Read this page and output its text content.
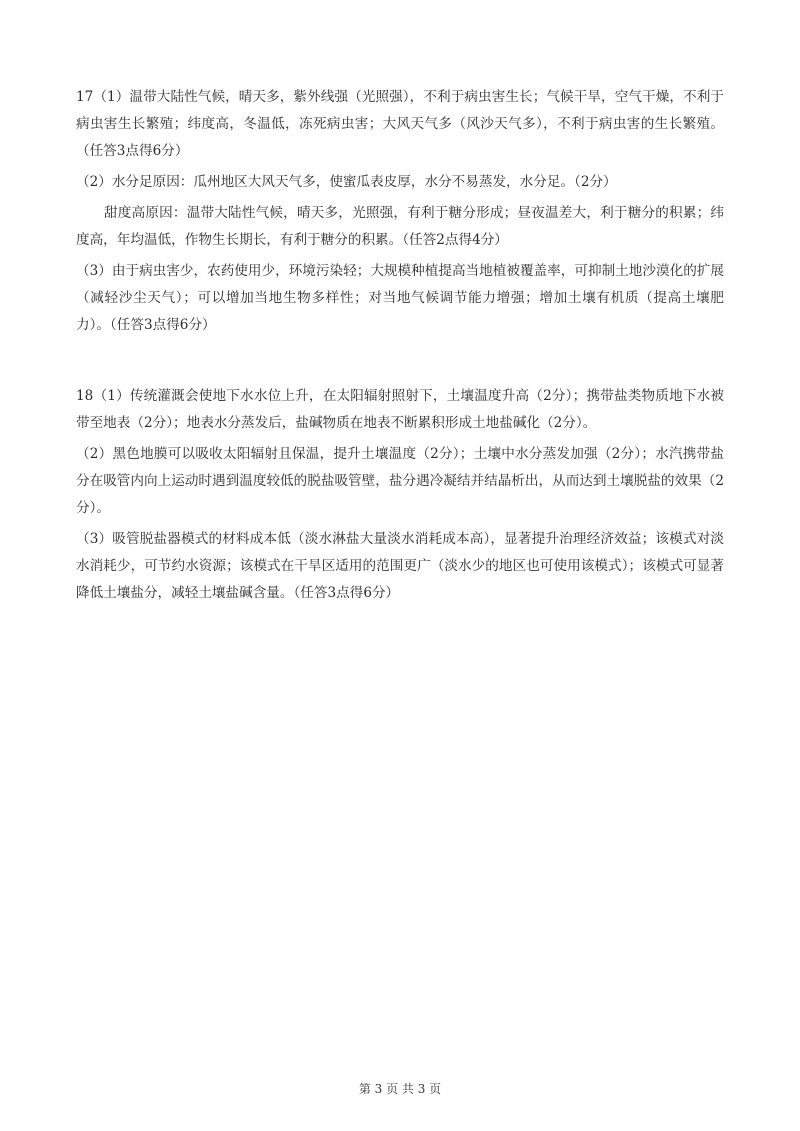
17（1）温带大陆性气候，晴天多，紫外线强（光照强），不利于病虫害生长；气候干旱，空气干燥，不利于病虫害生长繁殖；纬度高，冬温低，冻死病虫害；大风天气多（风沙天气多），不利于病虫害的生长繁殖。（任答3点得6分）

（2）水分足原因：瓜州地区大风天气多，使蜜瓜表皮厚，水分不易蒸发，水分足。（2分）

甜度高原因：温带大陆性气候，晴天多，光照强，有利于糖分形成；昼夜温差大，利于糖分的积累；纬度高，年均温低，作物生长期长，有利于糖分的积累。（任答2点得4分）

（3）由于病虫害少，农药使用少，环境污染轻；大规模种植提高当地植被覆盖率，可抑制土地沙漠化的扩展（减轻沙尘天气）；可以增加当地生物多样性；对当地气候调节能力增强；增加土壤有机质（提高土壤肥力）。（任答3点得6分）

18（1）传统灌溉会使地下水水位上升，在太阳辐射照射下，土壤温度升高（2分）；携带盐类物质地下水被带至地表（2分）；地表水分蒸发后，盐碱物质在地表不断累积形成土地盐碱化（2分）。

（2）黑色地膜可以吸收太阳辐射且保温，提升土壤温度（2分）；土壤中水分蒸发加强（2分）；水汽携带盐分在吸管内向上运动时遇到温度较低的脱盐吸管壁，盐分遇冷凝结并结晶析出，从而达到土壤脱盐的效果（2分）。

（3）吸管脱盐器模式的材料成本低（淡水淋盐大量淡水消耗成本高），显著提升治理经济效益；该模式对淡水消耗少，可节约水资源；该模式在干旱区适用的范围更广（淡水少的地区也可使用该模式）；该模式可显著降低土壤盐分，减轻土壤盐碱含量。（任答3点得6分）

第 3 页 共 3 页
